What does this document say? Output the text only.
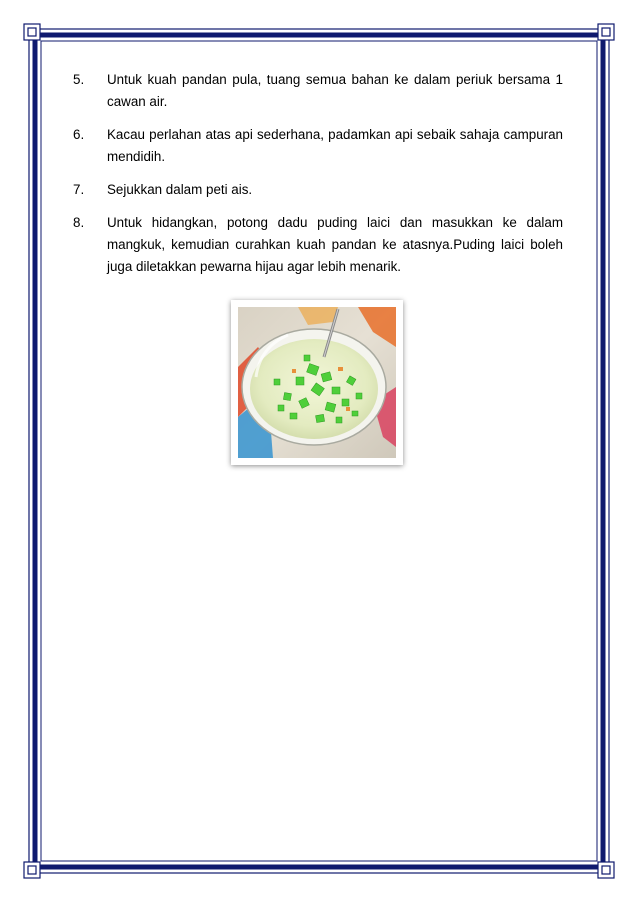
5.	Untuk kuah pandan pula, tuang semua bahan ke dalam periuk bersama 1 cawan air.
6.	Kacau perlahan atas api sederhana, padamkan api sebaik sahaja campuran mendidih.
7.	Sejukkan dalam peti ais.
8.	Untuk hidangkan, potong dadu puding laici dan masukkan ke dalam mangkuk, kemudian curahkan kuah pandan ke atasnya.Puding laici boleh juga diletakkan pewarna hijau agar lebih menarik.
